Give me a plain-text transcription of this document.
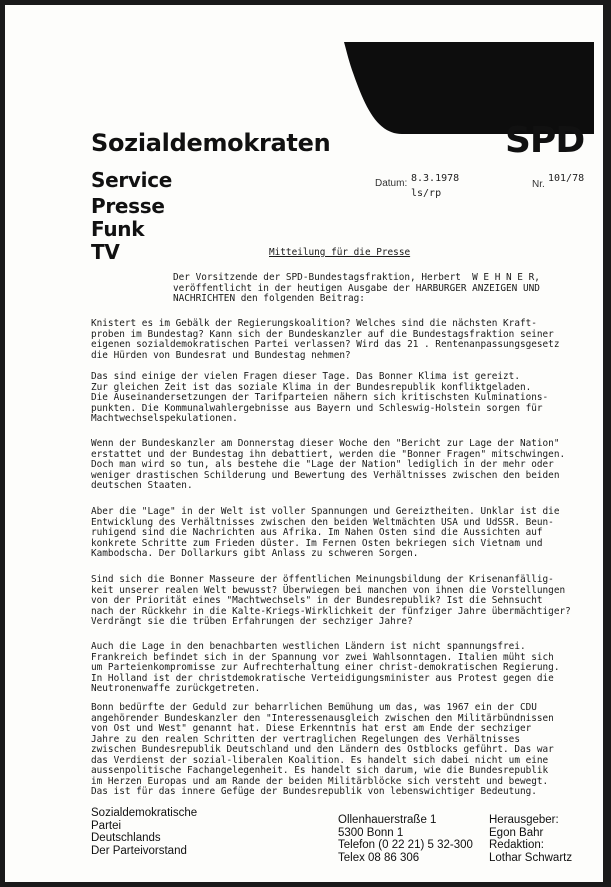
Sozialdemokraten	SPD
Service
Presse
Funk
TV
Datum: 8.3.1978
ls/rp
Nr.
101/78
Mitteilung für die Presse

Der Vorsitzende der SPD-Bundestagsfraktion, Herbert  W E H N E R,
veröffentlicht in der heutigen Ausgabe der HARBURGER ANZEIGEN UND
NACHRICHTEN den folgenden Beitrag:

Knistert es im Gebälk der Regierungskoalition? Welches sind die nächsten Kraft-
proben im Bundestag? Kann sich der Bundeskanzler auf die Bundestagsfraktion seiner
eigenen sozialdemokratischen Partei verlassen? Wird das 21 . Rentenanpassungsgesetz
die Hürden von Bundesrat und Bundestag nehmen?

Das sind einige der vielen Fragen dieser Tage. Das Bonner Klima ist gereizt.
Zur gleichen Zeit ist das soziale Klima in der Bundesrepublik konfliktgeladen.
Die Auseinandersetzungen der Tarifparteien nähern sich kritischsten Kulminations-
punkten. Die Kommunalwahlergebnisse aus Bayern und Schleswig-Holstein sorgen für
Machtwechselspekulationen.

Wenn der Bundeskanzler am Donnerstag dieser Woche den "Bericht zur Lage der Nation"
erstattet und der Bundestag ihn debattiert, werden die "Bonner Fragen" mitschwingen.
Doch man wird so tun, als bestehe die "Lage der Nation" lediglich in der mehr oder
weniger drastischen Schilderung und Bewertung des Verhältnisses zwischen den beiden
deutschen Staaten.

Aber die "Lage" in der Welt ist voller Spannungen und Gereiztheiten. Unklar ist die
Entwicklung des Verhältnisses zwischen den beiden Weltmächten USA und UdSSR. Beun-
ruhigend sind die Nachrichten aus Afrika. Im Nahen Osten sind die Aussichten auf
konkrete Schritte zum Frieden düster. Im Fernen Osten bekriegen sich Vietnam und
Kambodscha. Der Dollarkurs gibt Anlass zu schweren Sorgen.

Sind sich die Bonner Masseure der öffentlichen Meinungsbildung der Krisenanfällig-
keit unserer realen Welt bewusst? Überwiegen bei manchen von ihnen die Vorstellungen
von der Priorität eines "Machtwechsels" in der Bundesrepublik? Ist die Sehnsucht
nach der Rückkehr in die Kalte-Kriegs-Wirklichkeit der fünfziger Jahre übermächtiger?
Verdrängt sie die trüben Erfahrungen der sechziger Jahre?

Auch die Lage in den benachbarten westlichen Ländern ist nicht spannungsfrei.
Frankreich befindet sich in der Spannung vor zwei Wahlsonntagen. Italien müht sich
um Parteienkompromisse zur Aufrechterhaltung einer christ-demokratischen Regierung.
In Holland ist der christdemokratische Verteidigungsminister aus Protest gegen die
Neutronenwaffe zurückgetreten.

Bonn bedürfte der Geduld zur beharrlichen Bemühung um das, was 1967 ein der CDU
angehörender Bundeskanzler den "Interessenausgleich zwischen den Militärbündnissen
von Ost und West" genannt hat. Diese Erkenntnis hat erst am Ende der sechziger
Jahre zu den realen Schritten der vertraglichen Regelungen des Verhältnisses
zwischen Bundesrepublik Deutschland und den Ländern des Ostblocks geführt. Das war
das Verdienst der sozial-liberalen Koalition. Es handelt sich dabei nicht um eine
aussenpolitische Fachangelegenheit. Es handelt sich darum, wie die Bundesrepublik
im Herzen Europas und am Rande der beiden Militärblöcke sich versteht und bewegt.
Das ist für das innere Gefüge der Bundesrepublik von lebenswichtiger Bedeutung.

Sozialdemokratische
Partei
Deutschlands
Der Parteivorstand
Ollenhauerstraße 1
5300 Bonn 1
Telefon (0 22 21) 5 32-300
Telex 08 86 306
Herausgeber:
Egon Bahr
Redaktion:
Lothar Schwartz
